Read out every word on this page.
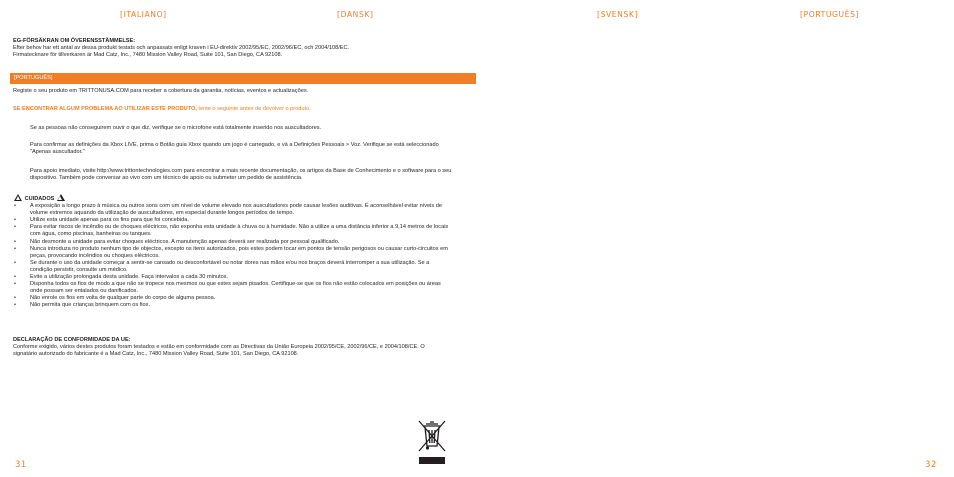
[ITALIANO]	[DANSK]	[SVENSK]	[PORTUGUÊS]

EG-FÖRSÄKRAN OM ÖVERENSSTÄMMELSE:

Efter behov har ett antal av dessa produkt testats och anpassats enligt kraven i EU-direktiv 2002/95/EC, 2002/96/EC, och 2004/108/EC.

Firmatecknare för tillverkaren är Mad Catz, Inc., 7480 Mission Valley Road, Suite 101, San Diego, CA 92108.

[PORTUGUÊS]
Registe o seu produto em TRITTONUSA.COM para receber a cobertura da garantia, notícias, eventos e actualizações.
SE ENCONTRAR ALGUM PROBLEMA AO UTILIZAR ESTE PRODUTO, tente o seguinte antes de devolver o produto.
Se as pessoas não conseguirem ouvir o que diz, verifique se o microfone está totalmente inserido nos auscultadores.
Para confirmar as definições da Xbox LIVE, prima o Botão guia Xbox quando um jogo é carregado, e vá a Definições Pessoais > Voz. Verifique se está seleccionado "Apenas auscultador."
Para apoio imediato, visite http://www.trittontechnologies.com para encontrar a mais recente documentação, os artigos da Base de Conhecimento e o software para o seu dispositivo. Também pode conversar ao vivo com um técnico de apoio ou submeter um pedido de assistência.
CUIDADOS
• A exposição a longo prazo à música ou outros sons com um nível de volume elevado nos auscultadores pode causar lesões auditivas. É aconselhável evitar níveis de volume extremos aquando da utilização de auscultadores, em especial durante longos períodos de tempo.
• Utilize esta unidade apenas para os fins para que foi concebida.
• Para evitar riscos de incêndio ou de choques eléctricos, não exponha esta unidade à chuva ou à humidade. Não a utilize a uma distância inferior a 9,14 metros de locais com água, como piscinas, banheiras ou tanques.
• Não desmonte a unidade para evitar choques eléctricos. A manutenção apenas deverá ser realizada por pessoal qualificado.
• Nunca introduza no produto nenhum tipo de objectos, excepto os itens autorizados, pois estes podem tocar em pontos de tensão perigosos ou causar curto-circuitos em peças, provocando incêndios ou choques eléctricos.
• Se durante o uso da unidade começar a sentir-se cansado ou desconfortável ou notar dores nas mãos e/ou nos braços deverá interromper a sua utilização. Se a condição persistir, consulte um médico.
• Evite a utilização prolongada desta unidade. Faça intervalos a cada 30 minutos.
• Disponha todos os fios de modo a que não se tropece nos mesmos ou que estes sejam pisados. Certifique-se que os fios não estão colocados em posições ou áreas onde possam ser entalados ou danificados.
• Não enrole os fios em volta de qualquer parte do corpo de alguma pessoa.
• Não permita que crianças brinquem com os fios.
DECLARAÇÃO DE CONFORMIDADE DA UE:
Conforme exigido, vários destes produtos foram testados e estão em conformidade com as Directivas da União Europeia 2002/95/CE, 2002/96/CE, e 2004/108/CE. O signatário autorizado do fabricante é a Mad Catz, Inc., 7480 Mission Valley Road, Suite 101, San Diego, CA 92108.
31	32
